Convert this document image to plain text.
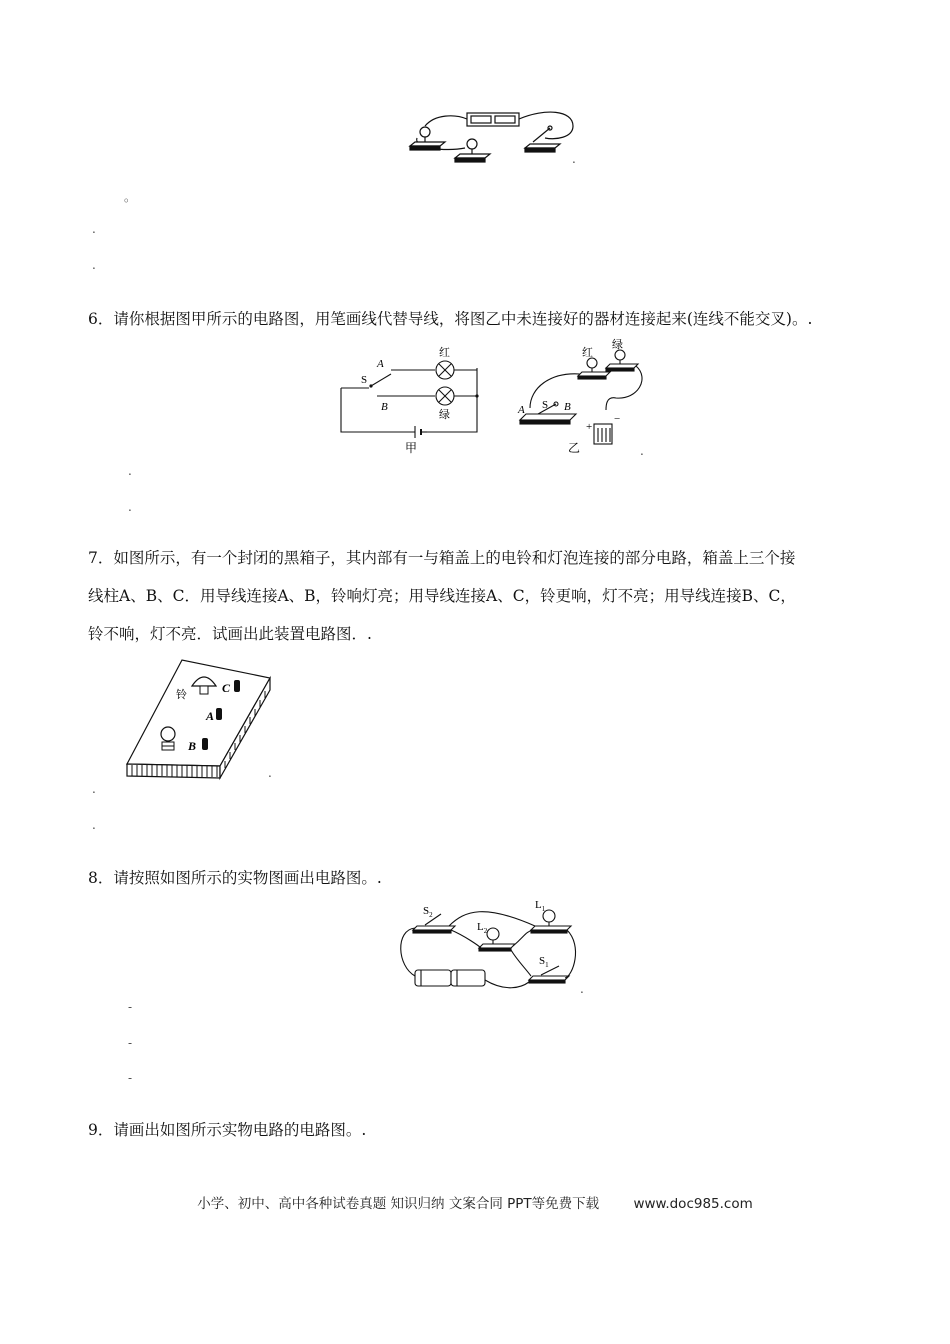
.
。
.
.
6．请你根据图甲所示的电路图，用笔画线代替导线，将图乙中未连接好的器材连接起来(连线不能交叉)。.
A
S
B
红
绿
甲
红
绿
A S B
+
−
乙	.
.
.
7．如图所示，有一个封闭的黑箱子，其内部有一与箱盖上的电铃和灯泡连接的部分电路，箱盖上三个接
线柱A、B、C．用导线连接A、B，铃响灯亮；用导线连接A、C，铃更响，灯不亮；用导线连接B、C，
铃不响，灯不亮．试画出此装置电路图．.
铃	C
A
B
.
.
.
8．请按照如图所示的实物图画出电路图。.
$S_2$
$L_2$
$L_1$
$S_1$
.
-
-
-
9．请画出如图所示实物电路的电路图。.
小学、初中、高中各种试卷真题 知识归纳 文案合同 PPT等免费下载	www.doc985.com
